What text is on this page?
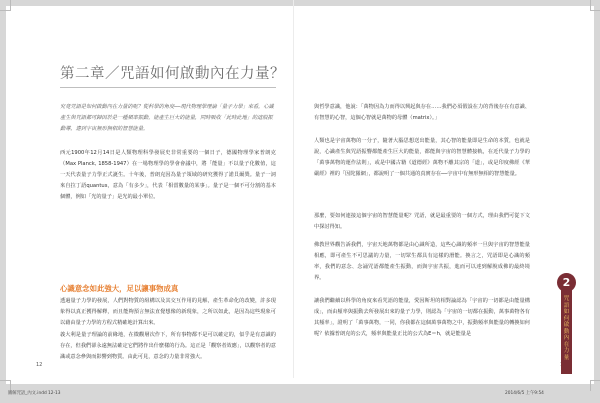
第二章／咒語如何啟動內在力量？

究竟咒語是如何啟動內在力量的呢？從科學的角度──現代物理學理論「量子力學」來看，心識產生與咒語都可歸因於是一種頻率振動，能產生巨大的能量，同時吸收「此時此地」的這股振動導，達到宇宙無形無相的智慧能量。

西元1900年12月14日是人類物理科學發展史非常重要的一個日子，德國物理學家普朗克（Max Planck, 1858-1947）在一場物理學的學會會議中，將「能量」不以量子化數值，這一天代表量子力學正式誕生。十年後，普朗克因為量子領域的研究獲得了諾貝爾獎。量子一詞來自拉丁語quantus，意為「有多少」，代表「相當數量的某事」。量子是一個不可分割的基本個體，例如「光的量子」是光的最小單位。

心識意念如此強大，足以讓事物成真

透過量子力學的發展，人們對物質的組構以及其交互作用的見解，產生革命化的改變，許多現象得以真正獲得解釋，而且能夠預言無法直覺想像的新現象，之所以如此，是因為這些現象可以藉由量子力學的方程式精確地計算出來。

義大利是量子理論的前緣地，在微觀層次作下，所有事物都不是可以確定的，似乎是有意識的存在，但我們卻永遠無法確定它們將作出什麼樣的行為。這正是「觀察者效應」，以觀察者的意識或意念參與而影響到物質。由此可見，意念的力量非常強大。

12

與哲學意識，他說：「萬物因為力而得以興起與存在……我們必須假設在力的背後存在有意識、有智慧的心智，這個心智就是萬物的母體（matrix）。」

人類也是宇宙萬物的一分子，隨著大腦思想送出能量，其心智的能量即是生命的本質，也就是說，心識產生與咒語振響都能產生巨大的能量，都能與宇宙的智慧體接軌，在近代量子力學的「萬事萬物的運作法則」，或是中國古籍《道德經》萬物不離其宗的「道」，或是印度佛經《華嚴經》裡的「因陀羅網」，都說明了一個共通的真實存在──宇宙中有無形無相的智慧能量。

那麼，要如何連接這個宇宙的智慧能量呢？咒語，就是最重要的一個方式，理由我們可從下文中探討得知。

佛教世界觀告訴我們，宇宙天地萬物都是由心識所造，這些心識的頻率一旦與宇宙的智慧能量相應，即可產生不可思議的力量，一切眾生都具有這樣的潛能。換言之，咒語即是心識的頻率，我們的意念、念誦咒語都能產生振動，而與宇宙共振，進而可以達到解脫成佛的最終境界。

讓我們繼續以科學的角度來看咒語的能量，愛因斯坦的相對論認為「宇宙的一切都是由能量構成」，而由頻率與振動去所發展出來的量子力學，則認為「宇宙的一切都在振動，萬事萬物各有其頻率」，證明了「萬事萬物，一同，你我都在這個萬事萬物之中，振動頻率與能量的轉換如何呢？依據普朗克的公式，頻率與能量正比的公式為E＝h，就是能量是

2
咒語如何啟動內在力量
圖解咒語_內文.indd 12-13	2014/6/5 上午9:54
